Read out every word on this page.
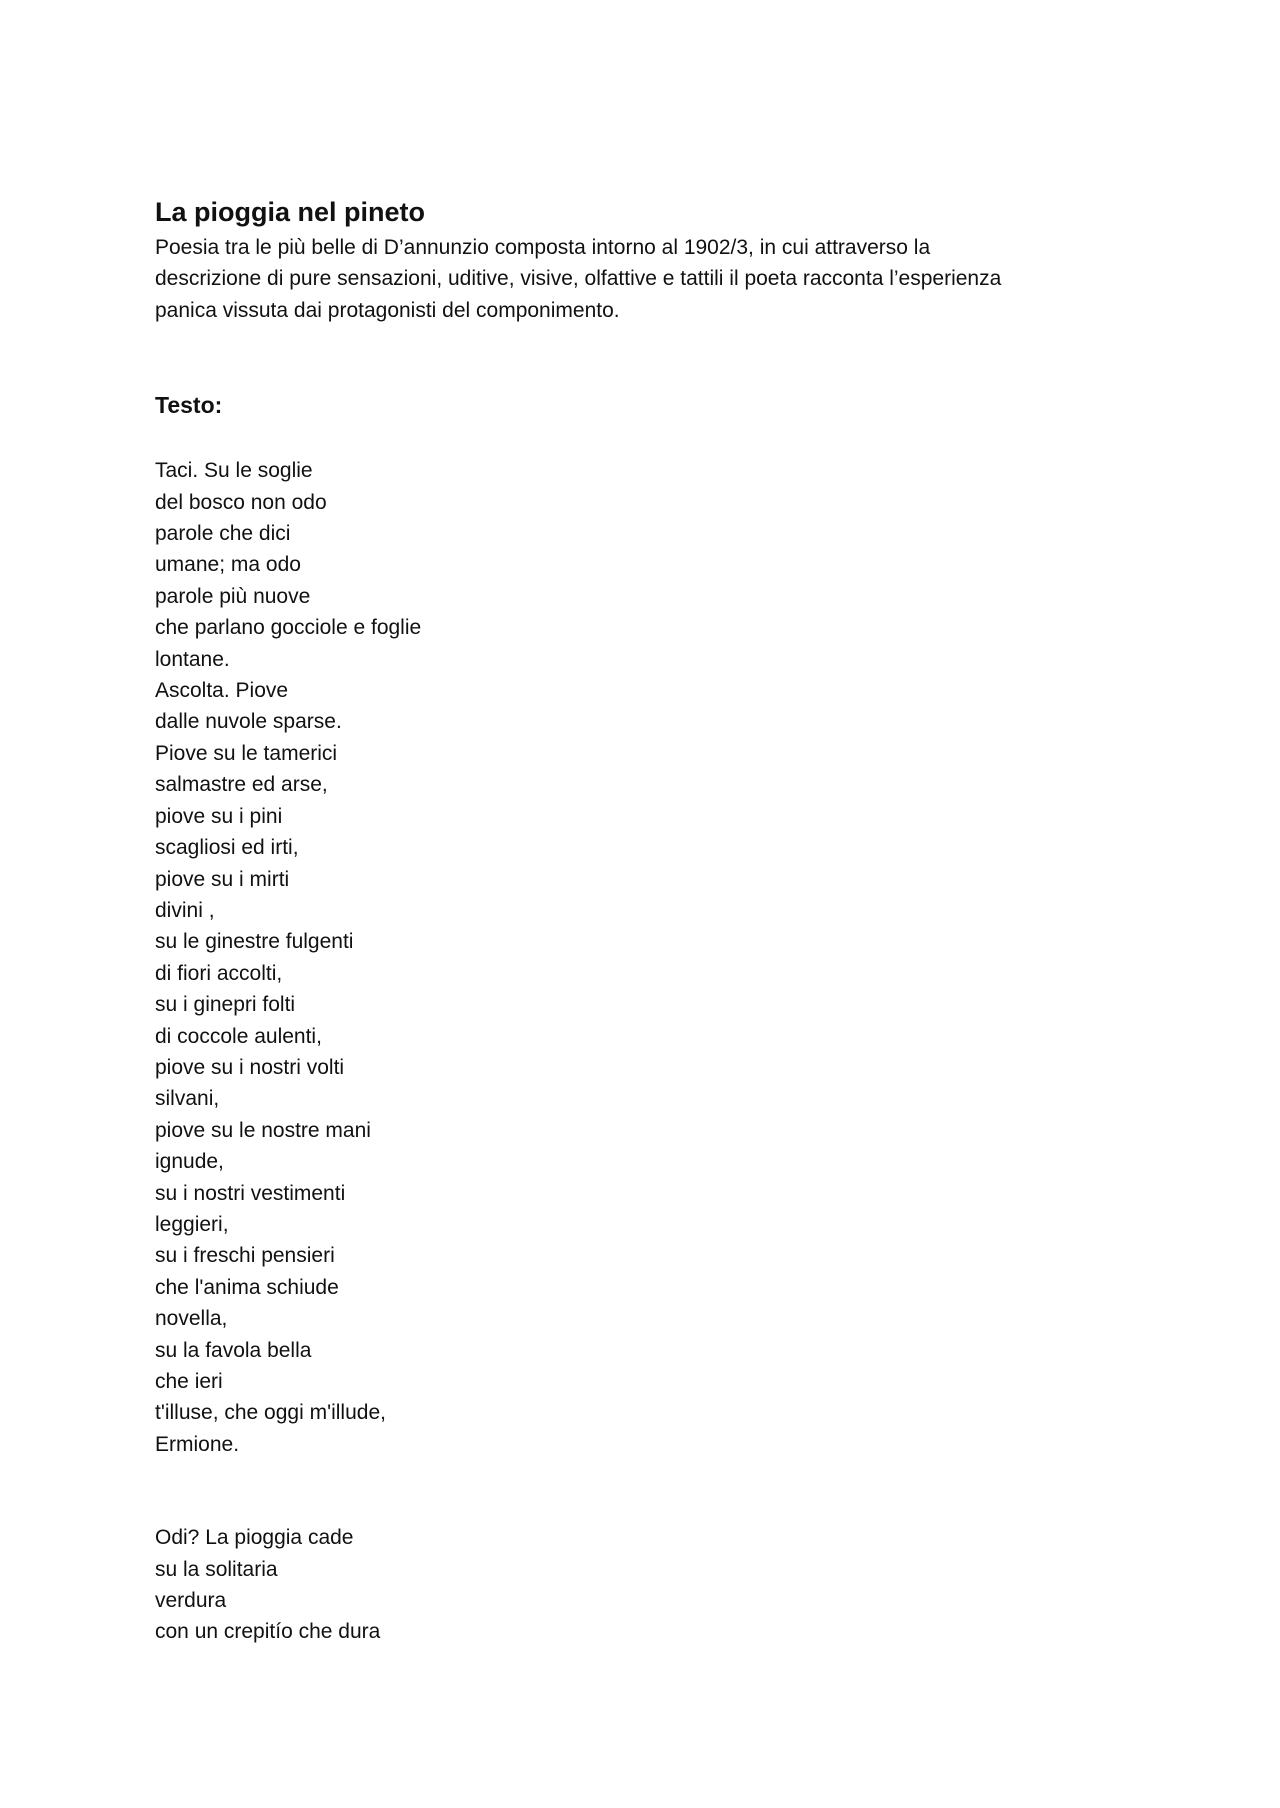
La pioggia nel pineto

Poesia tra le più belle di D’annunzio composta intorno al 1902/3, in cui attraverso la
descrizione di pure sensazioni, uditive, visive, olfattive e tattili il poeta racconta l’esperienza
panica vissuta dai protagonisti del componimento.

Testo:
Taci. Su le soglie
del bosco non odo
parole che dici
umane; ma odo
parole più nuove
che parlano gocciole e foglie
lontane.
Ascolta. Piove
dalle nuvole sparse.
Piove su le tamerici
salmastre ed arse,
piove su i pini
scagliosi ed irti,
piove su i mirti
divini ,
su le ginestre fulgenti
di fiori accolti,
su i ginepri folti
di coccole aulenti,
piove su i nostri volti
silvani,
piove su le nostre mani
ignude,
su i nostri vestimenti
leggieri,
su i freschi pensieri
che l'anima schiude
novella,
su la favola bella
che ieri
t'illuse, che oggi m'illude,
Ermione.
Odi? La pioggia cade
su la solitaria
verdura
con un crepitío che dura
